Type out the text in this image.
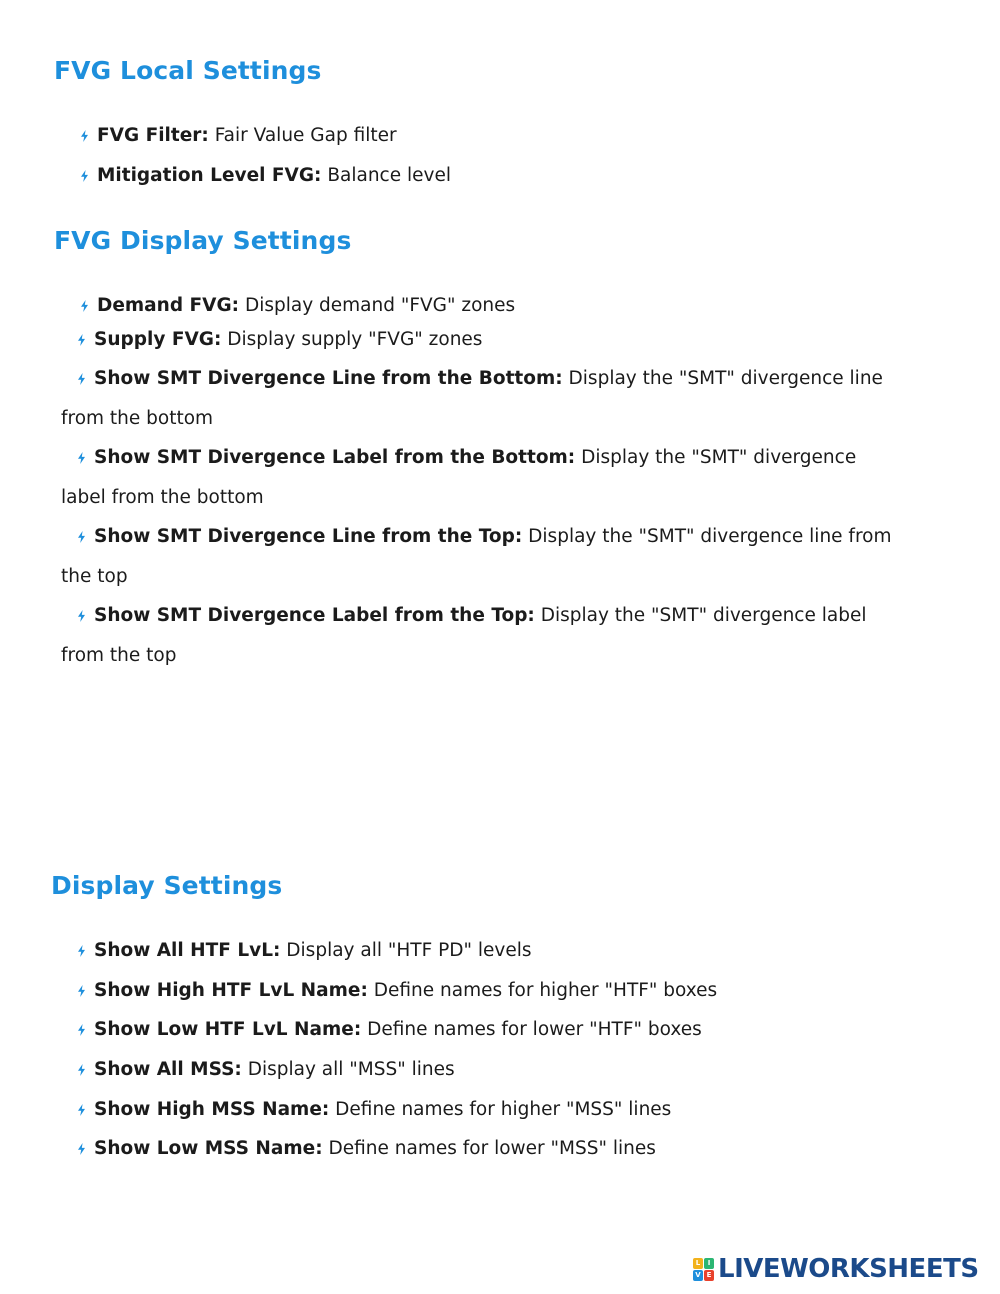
FVG Local Settings
FVG Filter: Fair Value Gap filter
Mitigation Level FVG: Balance level
FVG Display Settings
Demand FVG: Display demand "FVG" zones
Supply FVG: Display supply "FVG" zones
Show SMT Divergence Line from the Bottom: Display the "SMT" divergence line
from the bottom
Show SMT Divergence Label from the Bottom: Display the "SMT" divergence
label from the bottom
Show SMT Divergence Line from the Top: Display the "SMT" divergence line from
the top
Show SMT Divergence Label from the Top: Display the "SMT" divergence label
from the top
Display Settings
Show All HTF LvL: Display all "HTF PD" levels
Show High HTF LvL Name: Define names for higher "HTF" boxes
Show Low HTF LvL Name: Define names for lower "HTF" boxes
Show All MSS: Display all "MSS" lines
Show High MSS Name: Define names for higher "MSS" lines
Show Low MSS Name: Define names for lower "MSS" lines
L	I
V E LIVEWORKSHEETS
